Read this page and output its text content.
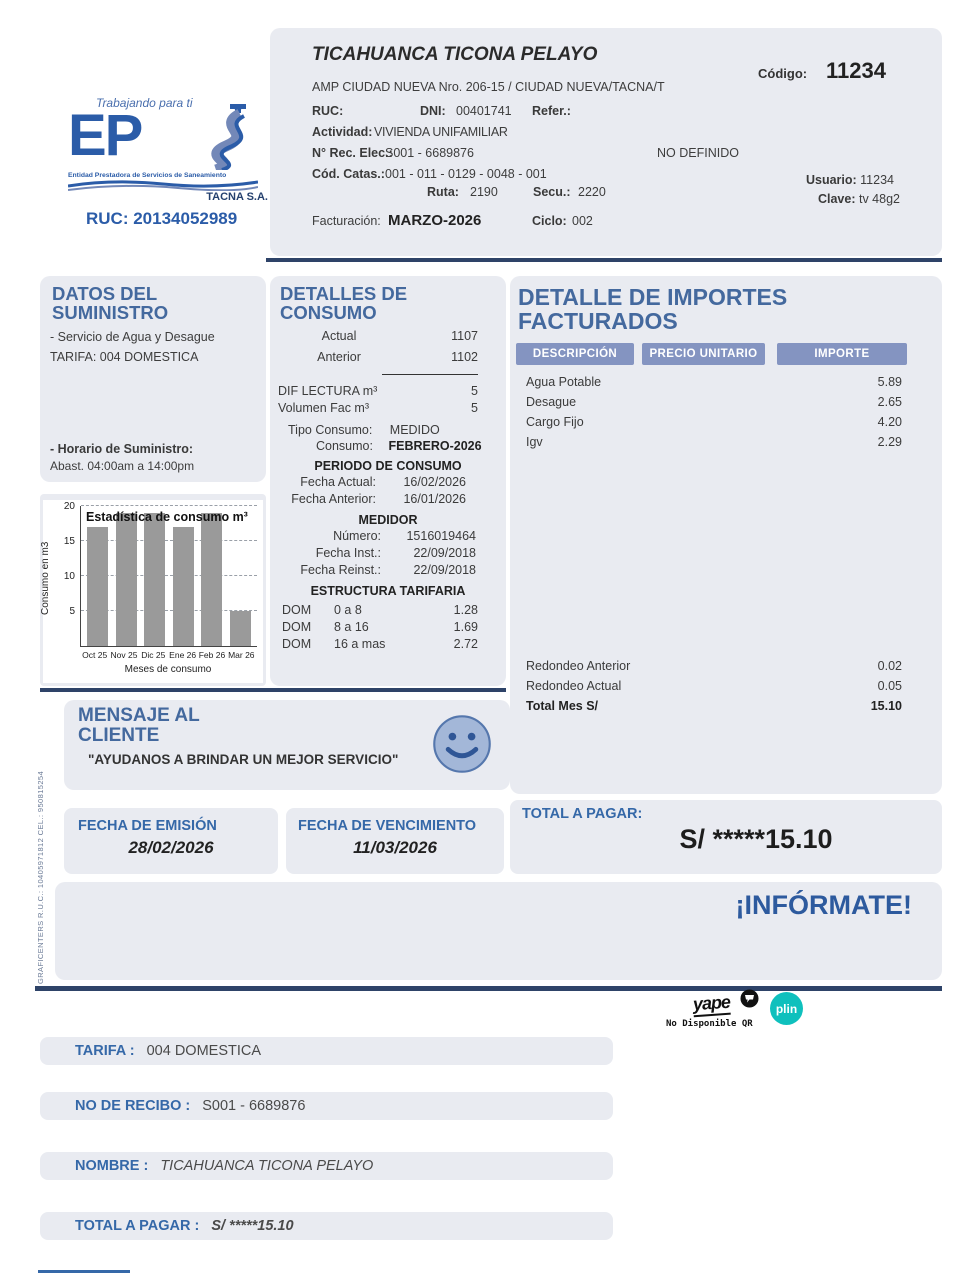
TICAHUANCA TICONA PELAYO
Código: 11234
AMP CIUDAD NUEVA Nro. 206-15 / CIUDAD NUEVA/TACNA/T
RUC:	DNI: 00401741 Refer.:
Actividad: VIVIENDA UNIFAMILIAR
N° Rec. Elec.:
S001 - 6689876	NO DEFINIDO
Cód. Catas.: 001 - 011 - 0129 - 0048 - 001
Ruta: 2190	Secu.: 2220
Usuario: 11234
Clave: tv 48g2
Facturación: MARZO-2026	Ciclo: 002
Trabajando para ti
EP
Entidad Prestadora de Servicios de Saneamiento
TACNA S.A.
RUC: 20134052989
DATOS DEL SUMINISTRO
- Servicio de Agua y Desague
TARIFA: 004 DOMESTICA
- Horario de Suministro:
Abast. 04:00am a 14:00pm
Estadística de consumo m³
5
10
15
20
Consumo en m3
Oct 25 Nov 25 Dic 25 Ene 26 Feb 26 Mar 26
Meses de consumo
DETALLES DE CONSUMO
Actual	1107
Anterior	1102
DIF LECTURA m³	5
Volumen Fac m³	5
Tipo Consumo: MEDIDO
Consumo: FEBRERO-2026
PERIODO DE CONSUMO
Fecha Actual:	16/02/2026
Fecha Anterior:	16/01/2026
MEDIDOR
Número:	1516019464
Fecha Inst.:	22/09/2018
Fecha Reinst.:	22/09/2018
ESTRUCTURA TARIFARIA
DOM	0 a 8	1.28
DOM	8 a 16	1.69
DOM	16 a mas	2.72
DETALLE DE IMPORTES FACTURADOS
DESCRIPCIÓN	PRECIO UNITARIO	IMPORTE
Agua Potable	5.89
Desague	2.65
Cargo Fijo	4.20
Igv	2.29
Redondeo Anterior	0.02
Redondeo Actual	0.05
Total Mes S/	15.10
MENSAJE AL CLIENTE
"AYUDANOS A BRINDAR UN MEJOR SERVICIO"
FECHA DE EMISIÓN
28/02/2026
FECHA DE VENCIMIENTO
11/03/2026
TOTAL A PAGAR:
S/ *****15.10
¡INFÓRMATE!
GRAFICENTERS R.U.C.: 10405971812 CEL.: 950815254
yape	plin
No Disponible QR
TARIFA : 004 DOMESTICA
NO DE RECIBO : S001 - 6689876
NOMBRE : TICAHUANCA TICONA PELAYO
TOTAL A PAGAR : S/ *****15.10
